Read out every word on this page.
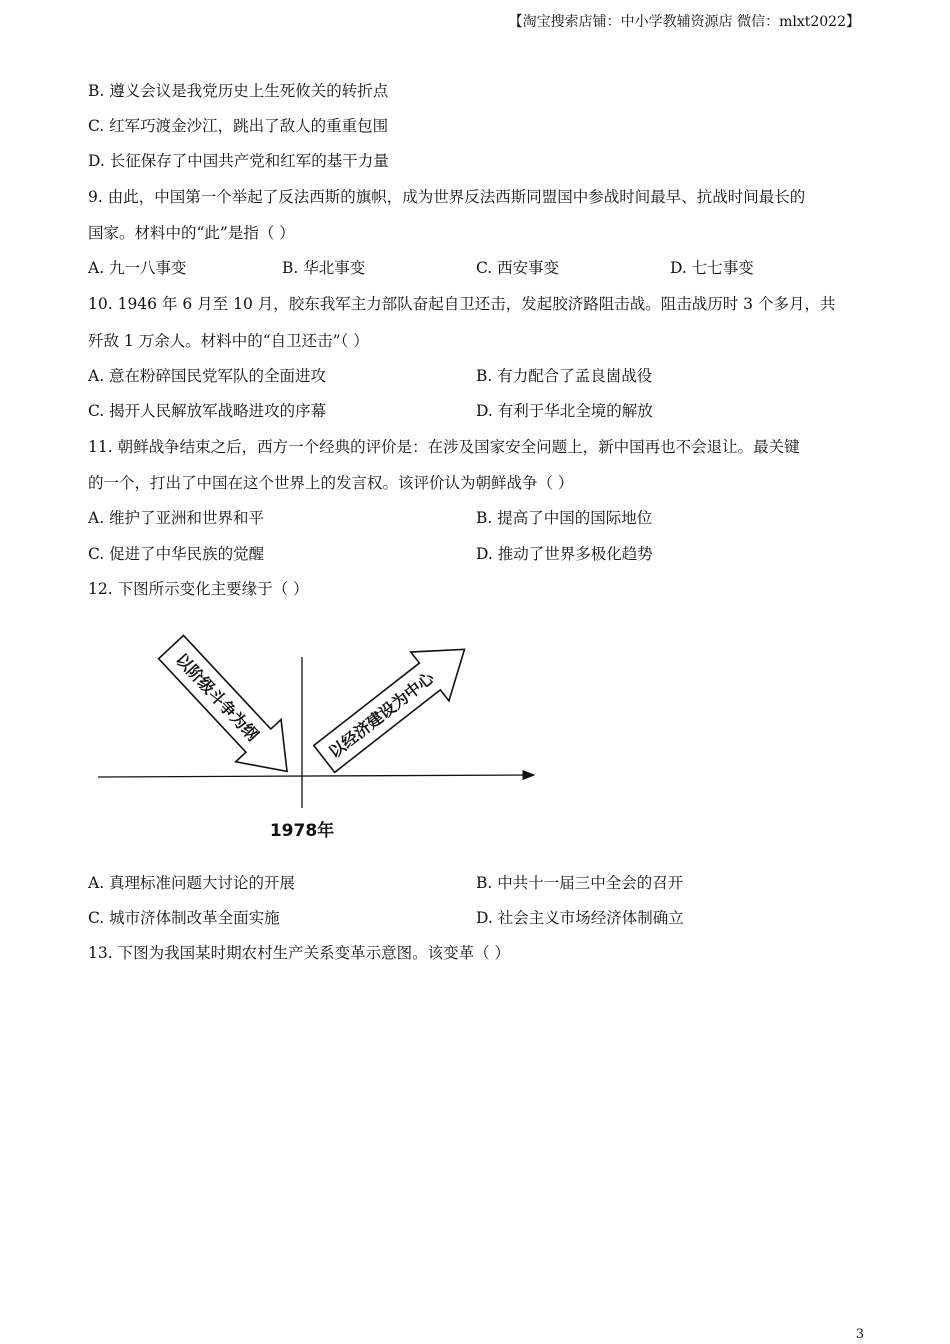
【淘宝搜索店铺：中小学教辅资源店 微信：mlxt2022】
B. 遵义会议是我党历史上生死攸关的转折点
C. 红军巧渡金沙江，跳出了敌人的重重包围
D. 长征保存了中国共产党和红军的基干力量
9. 由此，中国第一个举起了反法西斯的旗帜，成为世界反法西斯同盟国中参战时间最早、抗战时间最长的
国家。材料中的“此”是指（ ）
A. 九一八事变	B. 华北事变	C. 西安事变	D. 七七事变
10. 1946 年 6 月至 10 月，胶东我军主力部队奋起自卫还击，发起胶济路阻击战。阻击战历时 3 个多月，共
歼敌 1 万余人。材料中的“自卫还击”（ ）
A. 意在粉碎国民党军队的全面进攻	B. 有力配合了孟良崮战役
C. 揭开人民解放军战略进攻的序幕	D. 有利于华北全境的解放
11. 朝鲜战争结束之后，西方一个经典的评价是：在涉及国家安全问题上，新中国再也不会退让。最关键
的一个，打出了中国在这个世界上的发言权。该评价认为朝鲜战争（ ）
A. 维护了亚洲和世界和平	B. 提高了中国的国际地位
C. 促进了中华民族的觉醒	D. 推动了世界多极化趋势
12. 下图所示变化主要缘于（ ）
以阶级斗争为纲	以经济建设为中心
1978年
A. 真理标准问题大讨论的开展	B. 中共十一届三中全会的召开
C. 城市济体制改革全面实施	D. 社会主义市场经济体制确立
13. 下图为我国某时期农村生产关系变革示意图。该变革（ ）
3
